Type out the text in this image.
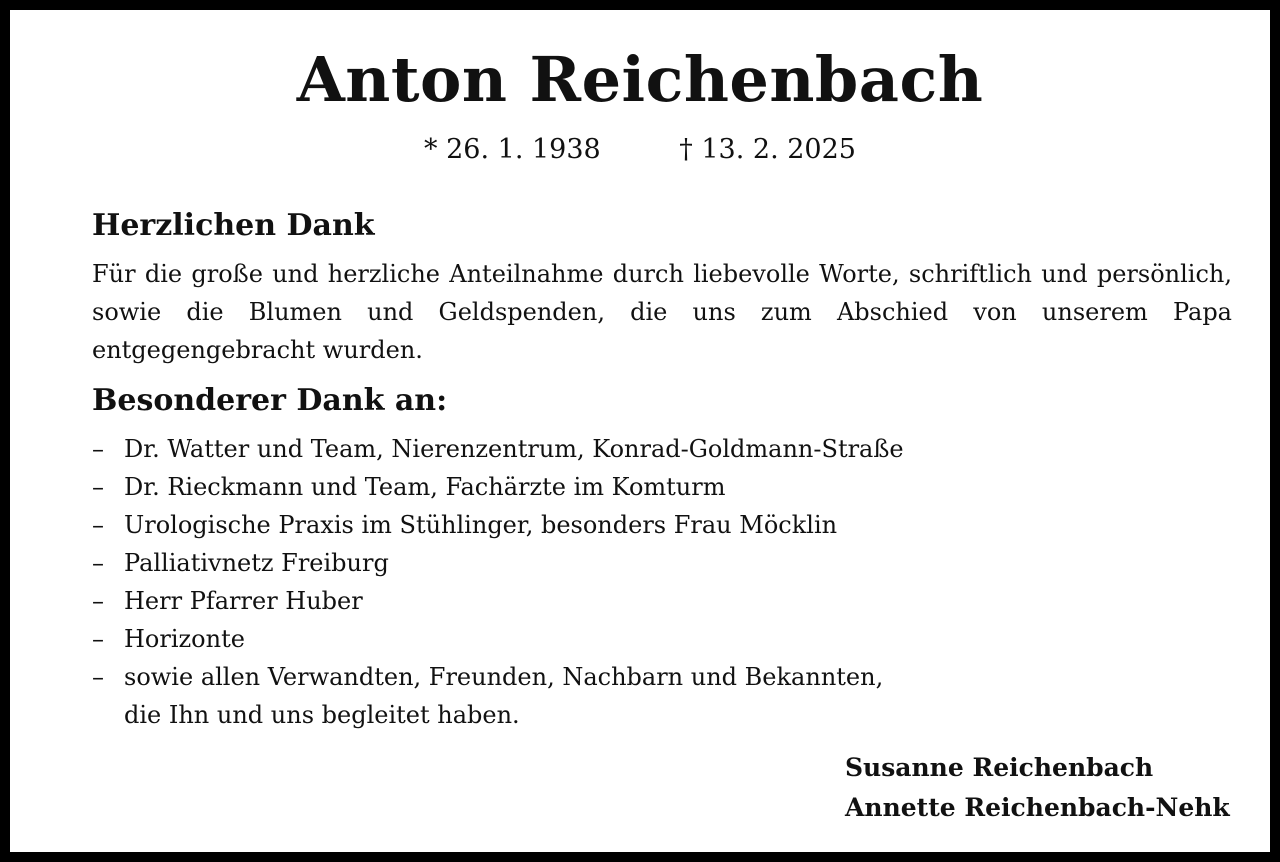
Anton Reichenbach
* 26. 1. 1938	† 13. 2. 2025
Herzlichen Dank

Für die große und herzliche Anteilnahme durch liebevolle Worte, schriftlich und persönlich, sowie die Blumen und Geldspenden, die uns zum Abschied von unserem Papa entgegengebracht wurden.

Besonderer Dank an:
– Dr. Watter und Team, Nierenzentrum, Konrad-Goldmann-Straße
– Dr. Rieckmann und Team, Fachärzte im Komturm
– Urologische Praxis im Stühlinger, besonders Frau Möcklin
– Palliativnetz Freiburg
– Herr Pfarrer Huber
– Horizonte
– sowie allen Verwandten, Freunden, Nachbarn und Bekannten,
die Ihn und uns begleitet haben.
Susanne Reichenbach
Annette Reichenbach-Nehk
